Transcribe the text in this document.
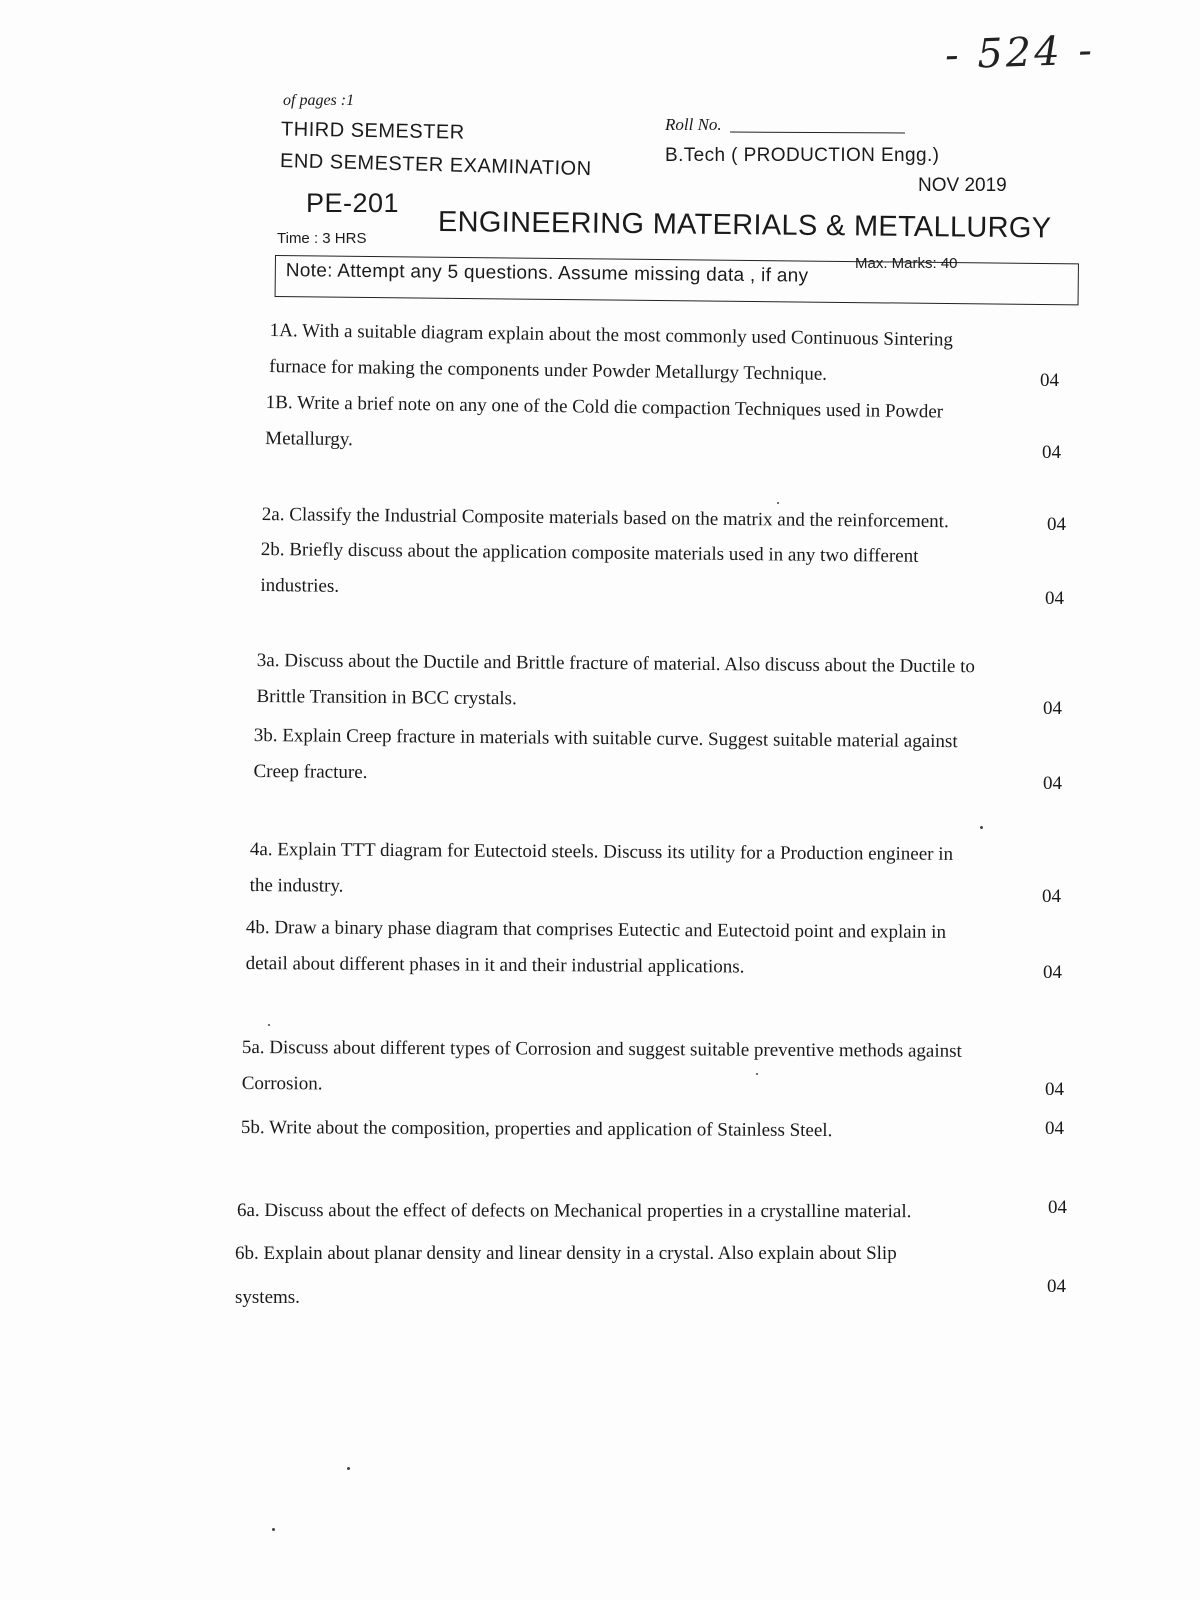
- 524 -
of pages :1
THIRD SEMESTER
END SEMESTER EXAMINATION
Roll No.
B.Tech ( PRODUCTION Engg.)
NOV 2019
PE-201
ENGINEERING MATERIALS & METALLURGY
Time : 3 HRS
Max. Marks: 40
Note: Attempt any 5 questions. Assume missing data , if any
1A. With a suitable diagram explain about the most commonly used Continuous Sintering
furnace for making the components under Powder Metallurgy Technique.	04
1B. Write a brief note on any one of the Cold die compaction Techniques used in Powder
Metallurgy.
04
2a. Classify the Industrial Composite materials based on the matrix and the reinforcement.	04
2b. Briefly discuss about the application composite materials used in any two different
industries.
04
3a. Discuss about the Ductile and Brittle fracture of material. Also discuss about the Ductile to
Brittle Transition in BCC crystals.	04
3b. Explain Creep fracture in materials with suitable curve. Suggest suitable material against
Creep fracture.
04
4a. Explain TTT diagram for Eutectoid steels. Discuss its utility for a Production engineer in
the industry.	04
4b. Draw a binary phase diagram that comprises Eutectic and Eutectoid point and explain in
detail about different phases in it and their industrial applications.	04
5a. Discuss about different types of Corrosion and suggest suitable preventive methods against
Corrosion.	04
5b. Write about the composition, properties and application of Stainless Steel.	04
6a. Discuss about the effect of defects on Mechanical properties in a crystalline material.	04
6b. Explain about planar density and linear density in a crystal. Also explain about Slip
systems.
04
